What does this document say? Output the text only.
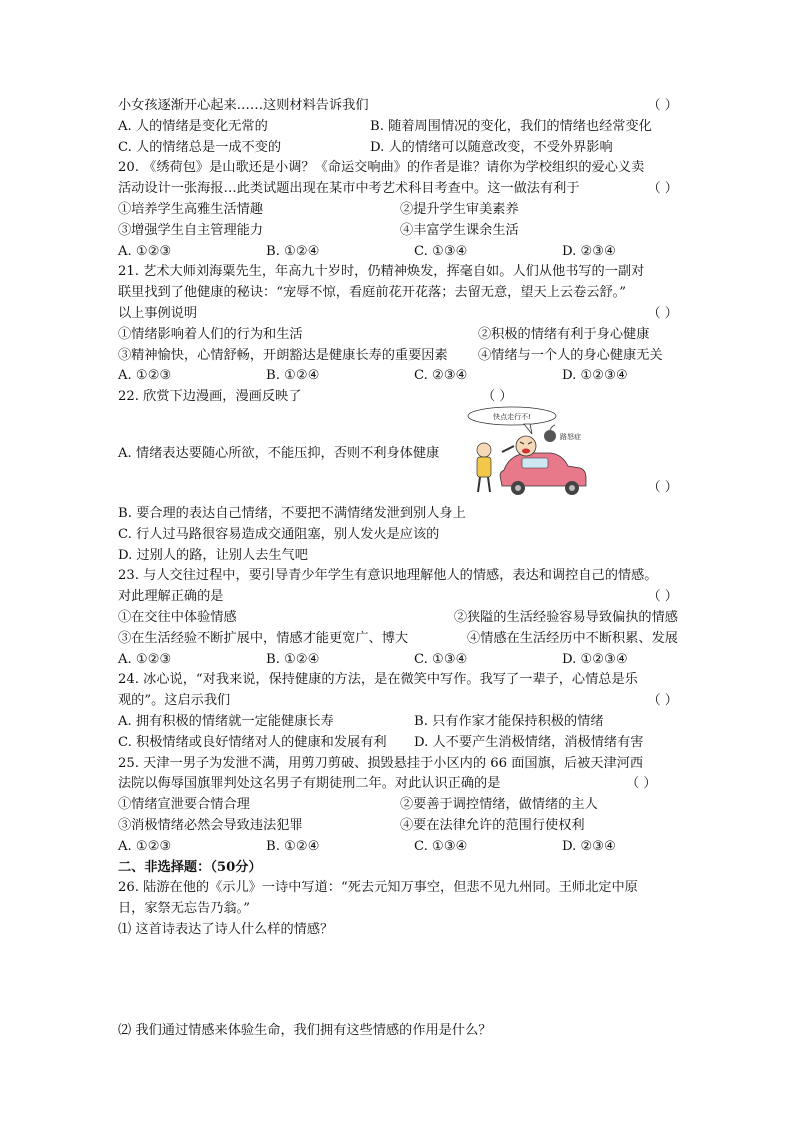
小女孩逐渐开心起来……这则材料告诉我们	（ ）
A. 人的情绪是变化无常的	B. 随着周围情况的变化，我们的情绪也经常变化
C. 人的情绪总是一成不变的	D. 人的情绪可以随意改变，不受外界影响
20. 《绣荷包》是山歌还是小调？《命运交响曲》的作者是谁？请你为学校组织的爱心义卖
活动设计一张海报…此类试题出现在某市中考艺术科目考查中。这一做法有利于	（ ）
①培养学生高雅生活情趣	②提升学生审美素养
③增强学生自主管理能力	④丰富学生课余生活
A. ①②③	B. ①②④	C. ①③④	D. ②③④
21. 艺术大师刘海粟先生，年高九十岁时，仍精神焕发，挥毫自如。人们从他书写的一副对
联里找到了他健康的秘诀：“宠辱不惊，看庭前花开花落；去留无意，望天上云卷云舒。”
以上事例说明	（ ）
①情绪影响着人们的行为和生活	②积极的情绪有利于身心健康
③精神愉快，心情舒畅，开朗豁达是健康长寿的重要因素	④情绪与一个人的身心健康无关
A. ①②③	B. ①②④	C. ②③④	D. ①②③④
22. 欣赏下边漫画，漫画反映了	（ ）
A. 情绪表达要随心所欲，不能压抑，否则不利身体健康
快点走行不!
路怒症
（ ）
B. 要合理的表达自己情绪，不要把不满情绪发泄到别人身上
C. 行人过马路很容易造成交通阻塞，别人发火是应该的
D. 过别人的路，让别人去生气吧
23. 与人交往过程中，要引导青少年学生有意识地理解他人的情感，表达和调控自己的情感。
对此理解正确的是	（ ）
①在交往中体验情感	②狭隘的生活经验容易导致偏执的情感
③在生活经验不断扩展中，情感才能更宽广、博大	④情感在生活经历中不断积累、发展
A. ①②③	B. ①②④	C. ①③④	D. ①②③④
24. 冰心说，“对我来说，保持健康的方法，是在微笑中写作。我写了一辈子，心情总是乐
观的”。这启示我们	（ ）
A. 拥有积极的情绪就一定能健康长寿	B. 只有作家才能保持积极的情绪
C. 积极情绪或良好情绪对人的健康和发展有利	D. 人不要产生消极情绪，消极情绪有害
25. 天津一男子为发泄不满，用剪刀剪破、损毁悬挂于小区内的 66 面国旗，后被天津河西
法院以侮辱国旗罪判处这名男子有期徒刑二年。对此认识正确的是	（ ）
①情绪宣泄要合情合理	②要善于调控情绪，做情绪的主人
③消极情绪必然会导致违法犯罪	④要在法律允许的范围行使权利
A. ①②③	B. ①②④	C. ①③④	D. ②③④
二、非选择题：（50分）
26. 陆游在他的《示儿》一诗中写道：“死去元知万事空，但悲不见九州同。王师北定中原
日，家祭无忘告乃翁。”
⑴ 这首诗表达了诗人什么样的情感？
⑵ 我们通过情感来体验生命，我们拥有这些情感的作用是什么？
